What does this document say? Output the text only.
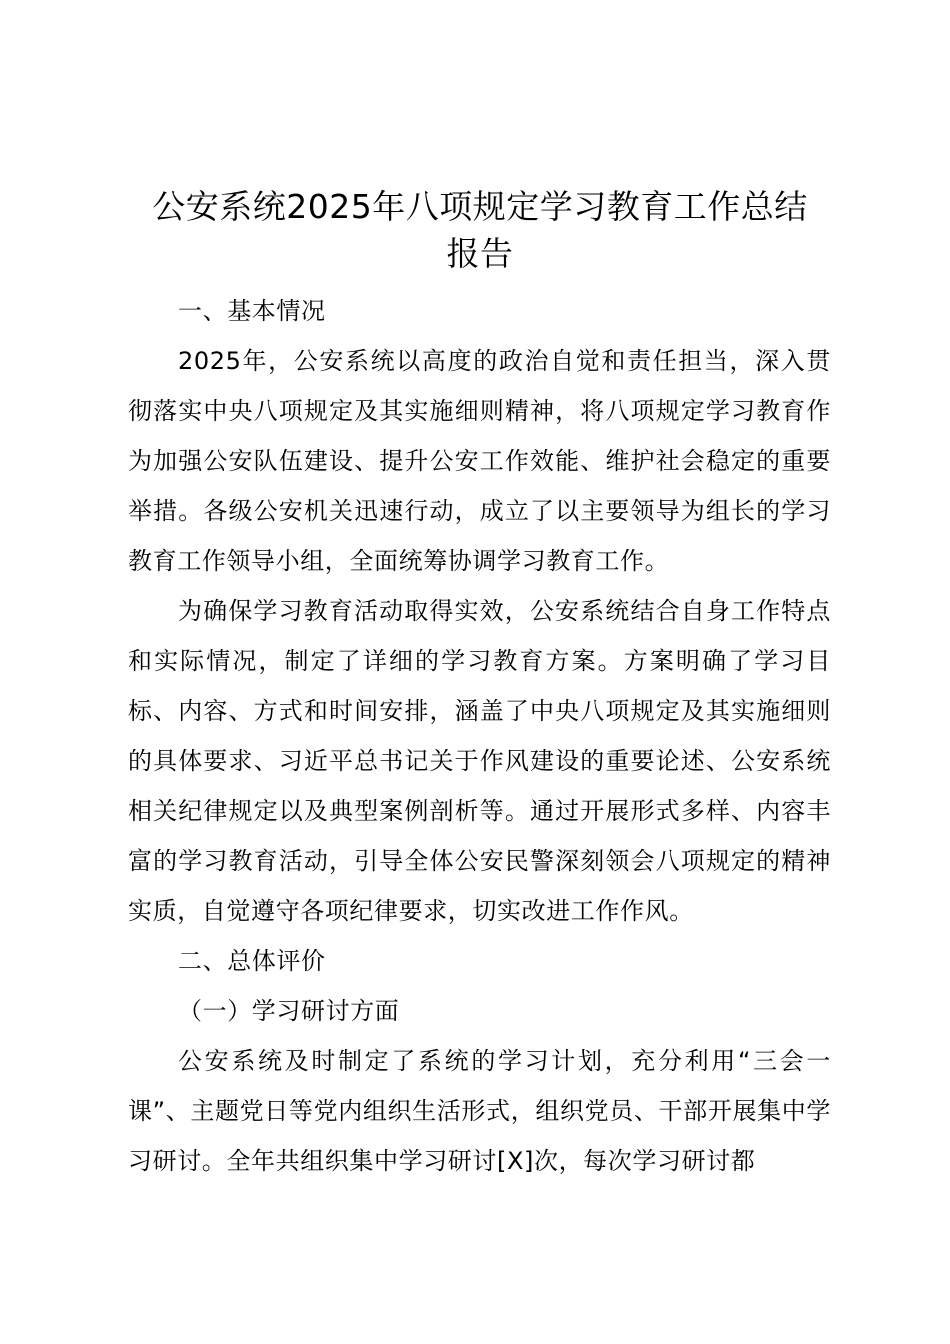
公安系统2025年八项规定学习教育工作总结
报告

一、基本情况

2025年，公安系统以高度的政治自觉和责任担当，深入贯彻落实中央八项规定及其实施细则精神，将八项规定学习教育作为加强公安队伍建设、提升公安工作效能、维护社会稳定的重要举措。各级公安机关迅速行动，成立了以主要领导为组长的学习教育工作领导小组，全面统筹协调学习教育工作。

为确保学习教育活动取得实效，公安系统结合自身工作特点和实际情况，制定了详细的学习教育方案。方案明确了学习目标、内容、方式和时间安排，涵盖了中央八项规定及其实施细则的具体要求、习近平总书记关于作风建设的重要论述、公安系统相关纪律规定以及典型案例剖析等。通过开展形式多样、内容丰富的学习教育活动，引导全体公安民警深刻领会八项规定的精神实质，自觉遵守各项纪律要求，切实改进工作作风。

二、总体评价

（一）学习研讨方面

公安系统及时制定了系统的学习计划，充分利用“三会一课”、主题党日等党内组织生活形式，组织党员、干部开展集中学习研讨。全年共组织集中学习研讨[X]次，每次学习研讨都
